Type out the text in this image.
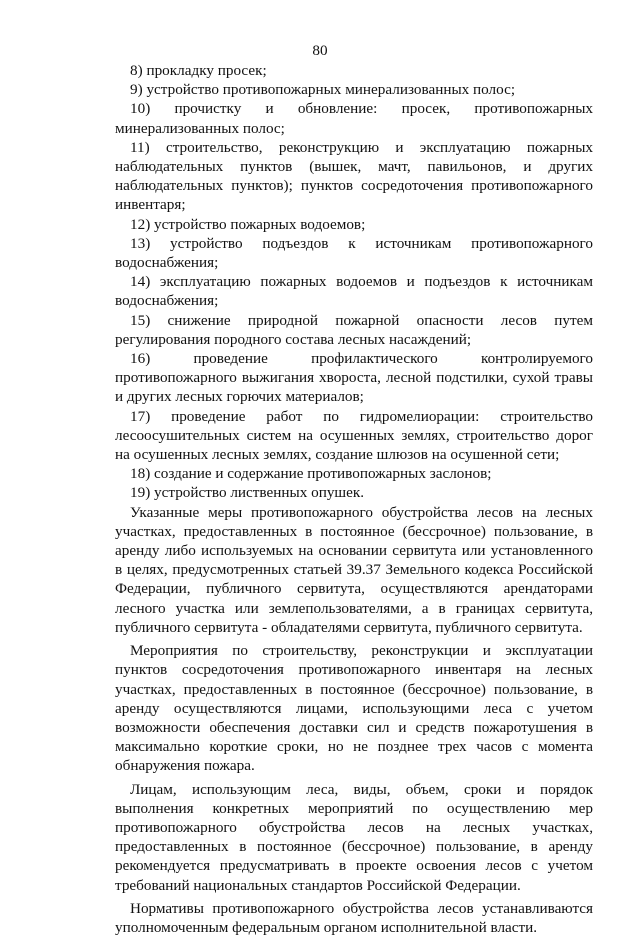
80

8) прокладку просек;

9) устройство противопожарных минерализованных полос;

10) прочистку и обновление: просек, противопожарных минерализованных полос;

11) строительство, реконструкцию и эксплуатацию пожарных наблюдательных пунктов (вышек, мачт, павильонов, и других наблюдательных пунктов); пунктов сосредоточения противопожарного инвентаря;

12) устройство пожарных водоемов;

13) устройство подъездов к источникам противопожарного водоснабжения;

14) эксплуатацию пожарных водоемов и подъездов к источникам водоснабжения;

15) снижение природной пожарной опасности лесов путем регулирования породного состава лесных насаждений;

16) проведение профилактического контролируемого противопожарного выжигания хвороста, лесной подстилки, сухой травы и других лесных горючих материалов;

17) проведение работ по гидромелиорации: строительство лесоосушительных систем на осушенных землях, строительство дорог на осушенных лесных землях, создание шлюзов на осушенной сети;

18) создание и содержание противопожарных заслонов;

19) устройство лиственных опушек.

Указанные меры противопожарного обустройства лесов на лесных участках, предоставленных в постоянное (бессрочное) пользование, в аренду либо используемых на основании сервитута или установленного в целях, предусмотренных статьей 39.37 Земельного кодекса Российской Федерации, публичного сервитута, осуществляются арендаторами лесного участка или землепользователями, а в границах сервитута, публичного сервитута - обладателями сервитута, публичного сервитута.

Мероприятия по строительству, реконструкции и эксплуатации пунктов сосредоточения противопожарного инвентаря на лесных участках, предоставленных в постоянное (бессрочное) пользование, в аренду осуществляются лицами, использующими леса с учетом возможности обеспечения доставки сил и средств пожаротушения в максимально короткие сроки, но не позднее трех часов с момента обнаружения пожара.

Лицам, использующим леса, виды, объем, сроки и порядок выполнения конкретных мероприятий по осуществлению мер противопожарного обустройства лесов на лесных участках, предоставленных в постоянное (бессрочное) пользование, в аренду рекомендуется предусматривать в проекте освоения лесов с учетом требований национальных стандартов Российской Федерации.

Нормативы противопожарного обустройства лесов устанавливаются уполномоченным федеральным органом исполнительной власти.
